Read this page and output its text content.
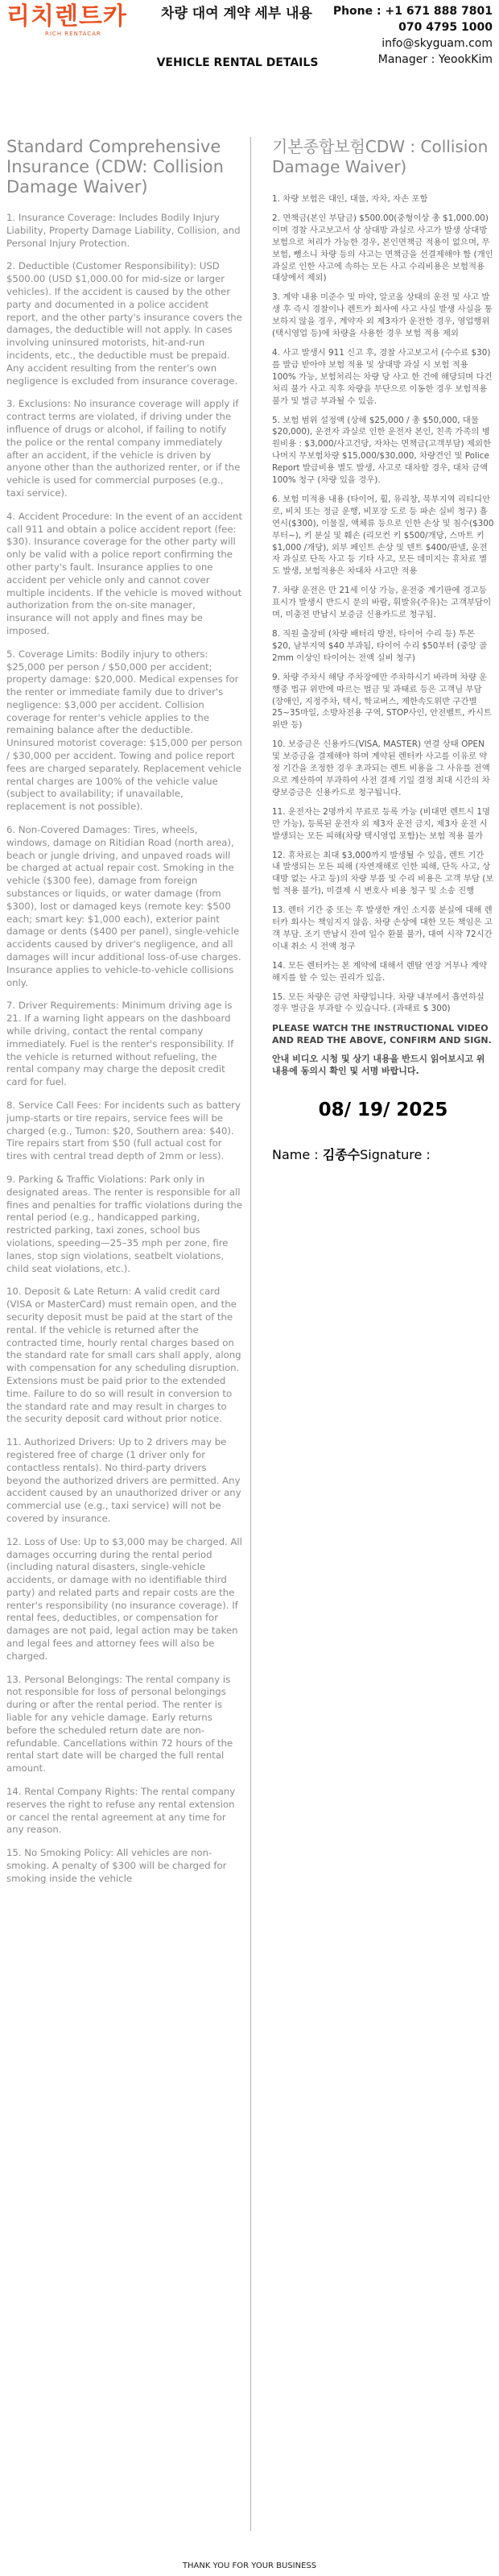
리치렌트카
RICH RENTACAR
차량 대여 계약 세부 내용
VEHICLE RENTAL DETAILS
Phone : +1 671 888 7801
070 4795 1000
info@skyguam.com
Manager : YeookKim
Standard Comprehensive Insurance (CDW: Collision Damage Waiver)

1. Insurance Coverage: Includes Bodily Injury Liability, Property Damage Liability, Collision, and Personal Injury Protection.

2. Deductible (Customer Responsibility): USD $500.00 (USD $1,000.00 for mid-size or larger vehicles). If the accident is caused by the other party and documented in a police accident report, and the other party's insurance covers the damages, the deductible will not apply. In cases involving uninsured motorists, hit-and-run incidents, etc., the deductible must be prepaid. Any accident resulting from the renter's own negligence is excluded from insurance coverage.

3. Exclusions: No insurance coverage will apply if contract terms are violated, if driving under the influence of drugs or alcohol, if failing to notify the police or the rental company immediately after an accident, if the vehicle is driven by anyone other than the authorized renter, or if the vehicle is used for commercial purposes (e.g., taxi service).

4. Accident Procedure: In the event of an accident call 911 and obtain a police accident report (fee: $30). Insurance coverage for the other party will only be valid with a police report confirming the other party's fault. Insurance applies to one accident per vehicle only and cannot cover multiple incidents. If the vehicle is moved without authorization from the on-site manager, insurance will not apply and fines may be imposed.

5. Coverage Limits: Bodily injury to others: $25,000 per person / $50,000 per accident; property damage: $20,000. Medical expenses for the renter or immediate family due to driver's negligence: $3,000 per accident. Collision coverage for renter's vehicle applies to the remaining balance after the deductible. Uninsured motorist coverage: $15,000 per person / $30,000 per accident. Towing and police report fees are charged separately. Replacement vehicle rental charges are 100% of the vehicle value (subject to availability; if unavailable, replacement is not possible).

6. Non-Covered Damages: Tires, wheels, windows, damage on Ritidian Road (north area), beach or jungle driving, and unpaved roads will be charged at actual repair cost. Smoking in the vehicle ($300 fee), damage from foreign substances or liquids, or water damage (from $300), lost or damaged keys (remote key: $500 each; smart key: $1,000 each), exterior paint damage or dents ($400 per panel), single-vehicle accidents caused by driver's negligence, and all damages will incur additional loss-of-use charges. Insurance applies to vehicle-to-vehicle collisions only.

7. Driver Requirements: Minimum driving age is 21. If a warning light appears on the dashboard while driving, contact the rental company immediately. Fuel is the renter's responsibility. If the vehicle is returned without refueling, the rental company may charge the deposit credit card for fuel.

8. Service Call Fees: For incidents such as battery jump-starts or tire repairs, service fees will be charged (e.g., Tumon: $20, Southern area: $40). Tire repairs start from $50 (full actual cost for tires with central tread depth of 2mm or less).

9. Parking & Traffic Violations: Park only in designated areas. The renter is responsible for all fines and penalties for traffic violations during the rental period (e.g., handicapped parking, restricted parking, taxi zones, school bus violations, speeding—25–35 mph per zone, fire lanes, stop sign violations, seatbelt violations, child seat violations, etc.).

10. Deposit & Late Return: A valid credit card (VISA or MasterCard) must remain open, and the security deposit must be paid at the start of the rental. If the vehicle is returned after the contracted time, hourly rental charges based on the standard rate for small cars shall apply, along with compensation for any scheduling disruption. Extensions must be paid prior to the extended time. Failure to do so will result in conversion to the standard rate and may result in charges to the security deposit card without prior notice.

11. Authorized Drivers: Up to 2 drivers may be registered free of charge (1 driver only for contactless rentals). No third-party drivers beyond the authorized drivers are permitted. Any accident caused by an unauthorized driver or any commercial use (e.g., taxi service) will not be covered by insurance.

12. Loss of Use: Up to $3,000 may be charged. All damages occurring during the rental period (including natural disasters, single-vehicle accidents, or damage with no identifiable third party) and related parts and repair costs are the renter's responsibility (no insurance coverage). If rental fees, deductibles, or compensation for damages are not paid, legal action may be taken and legal fees and attorney fees will also be charged.

13. Personal Belongings: The rental company is not responsible for loss of personal belongings during or after the rental period. The renter is liable for any vehicle damage. Early returns before the scheduled return date are non-refundable. Cancellations within 72 hours of the rental start date will be charged the full rental amount.

14. Rental Company Rights: The rental company reserves the right to refuse any rental extension or cancel the rental agreement at any time for any reason.

15. No Smoking Policy: All vehicles are non-smoking. A penalty of $300 will be charged for smoking inside the vehicle

기본종합보험CDW : Collision Damage Waiver)

1. 차량 보험은 대인, 대물, 자차, 자손 포함

2. 면책금(본인 부담금) $500.00(중형이상 총 $1,000.00)이며 경찰 사고보고서 상 상대방 과실로 사고가 발생 상대방 보험으로 처리가 가능한 경우, 본인면책금 적용이 없으며, 무보험, 뺑소니 차량 등의 사고는 면책금을 선결제해야 함 (개인 과실로 인한 사고에 속하는 모든 사고 수리비용은 보험적용 대상에서 제외)

3. 계약 내용 미준수 및 마약, 알코올 상태의 운전 및 사고 발생 후 즉시 경찰이나 렌트카 회사에 사고 사실 발생 사실을 통보하지 않을 경우, 계약자 외 제3자가 운전한 경우, 영업행위(택시영업 등)에 차량을 사용한 경우 보험 적용 제외

4. 사고 발생시 911 신고 후, 경찰 사고보고서 (수수료 $30)를 발급 받아야 보험 적용 및 상대방 과실 시 보험 적용 100% 가능, 보험처리는 차량 당 사고 한 건에 해당되며 다건 처리 불가 사고 직후 차량을 무단으로 이동한 경우 보험적용 불가 및 벌금 부과될 수 있음.

5. 보험 범위 설정액 (상해 $25,000 / 총 $50,000, 대물 $20,000), 운전자 과실로 인한 운전자 본인, 친족 가족의 병원비용 : $3,000/사고건당, 자차는 면책금(고객부담) 제외한 나머지 무보험차량 $15,000/$30,000, 차량견인 및 Police Report 발급비용 별도 발생, 사고로 대차할 경우, 대차 금액 100% 청구 (차량 있을 경우).

6. 보험 미적용 내용 (타이어, 휠, 유리창, 북부지역 리티디안로, 비치 또는 정글 운행, 비포장 도로 등 파손 실비 청구) 흡연시($300), 이물질, 액체류 등으로 인한 손상 및 침수($300부터~), 키 분실 및 훼손 (리모컨 키 $500/개당, 스마트 키 $1,000 /개당), 외부 페인트 손상 및 덴트 $400/판넬, 운전자 과실로 단독 사고 등 기타 사고, 모든 데미지는 휴차료 별도 발생, 보험적용은 차대차 사고만 적용

7. 차량 운전은 만 21세 이상 가능, 운전중 계기판에 경고등 표시가 발생시 반드시 문의 바람, 휘발유(주유)는 고객부담이며, 미충전 반납시 보증금 신용카드로 청구됨.

8. 직원 출장비 (차량 배터리 방전, 타이어 수리 등) 투몬 $20, 남부지역 $40 부과됨, 타이어 수리 $50부터 (중앙 골 2mm 이상인 타이어는 전액 실비 청구)

9. 차량 주차시 해당 주차장에만 주차하시기 바라며 차량 운행중 법규 위반에 따르는 벌금 및 과태료 등은 고객님 부담 (장애인, 지정주차, 택시, 학교버스, 제한속도위반 구간별 25~35마일, 소방차전용 구역, STOP사인, 안전벨트, 카시트 위반 등)

10. 보증금은 신용카드(VISA, MASTER) 연결 상태 OPEN 및 보증금을 결제해야 하며 계약된 렌터카 사고를 이유로 약정 기간을 조정한 경우 초과되는 렌트 비용을 그 사유를 전액으로 계산하여 부과하여 사전 결제 기일 결정 최대 시간의 차량보증금은 신용카드로 청구됩니다.

11. 운전자는 2명까지 무료로 등록 가능 (비대면 렌트시 1명만 가능), 등록된 운전자 외 제3자 운전 금지, 제3자 운전 시 발생되는 모든 피해(차량 택시영업 포함)는 보험 적용 불가

12. 휴차료는 최대 $3,000까지 발생될 수 있음, 렌트 기간 내 발생되는 모든 피해 (자연재해로 인한 피해, 단독 사고, 상대방 없는 사고 등)의 차량 부품 및 수리 비용은 고객 부담 (보험 적용 불가), 미결제 시 변호사 비용 청구 및 소송 진행

13. 렌터 기간 중 또는 후 발생한 개인 소지품 분실에 대해 렌터카 회사는 책임지지 않음. 차량 손상에 대한 모든 책임은 고객 부담. 조기 반납시 잔여 일수 환불 불가, 대여 시작 72시간 이내 취소 시 전액 청구

14. 모든 렌터카는 본 계약에 대해서 렌탈 연장 거부나 계약 해지를 할 수 있는 권리가 있음.

15. 모든 차량은 금연 차량입니다. 차량 내부에서 흡연하실 경우 벌금을 부과할 수 있습니다. (과태료 $ 300)

PLEASE WATCH THE INSTRUCTIONAL VIDEO AND READ THE ABOVE, CONFIRM AND SIGN.
안내 비디오 시청 및 상기 내용을 반드시 읽어보시고 위 내용에 동의시 확인 및 서명 바랍니다.
08/ 19/ 2025
Name : 김종수Signature :
THANK YOU FOR YOUR BUSINESS
